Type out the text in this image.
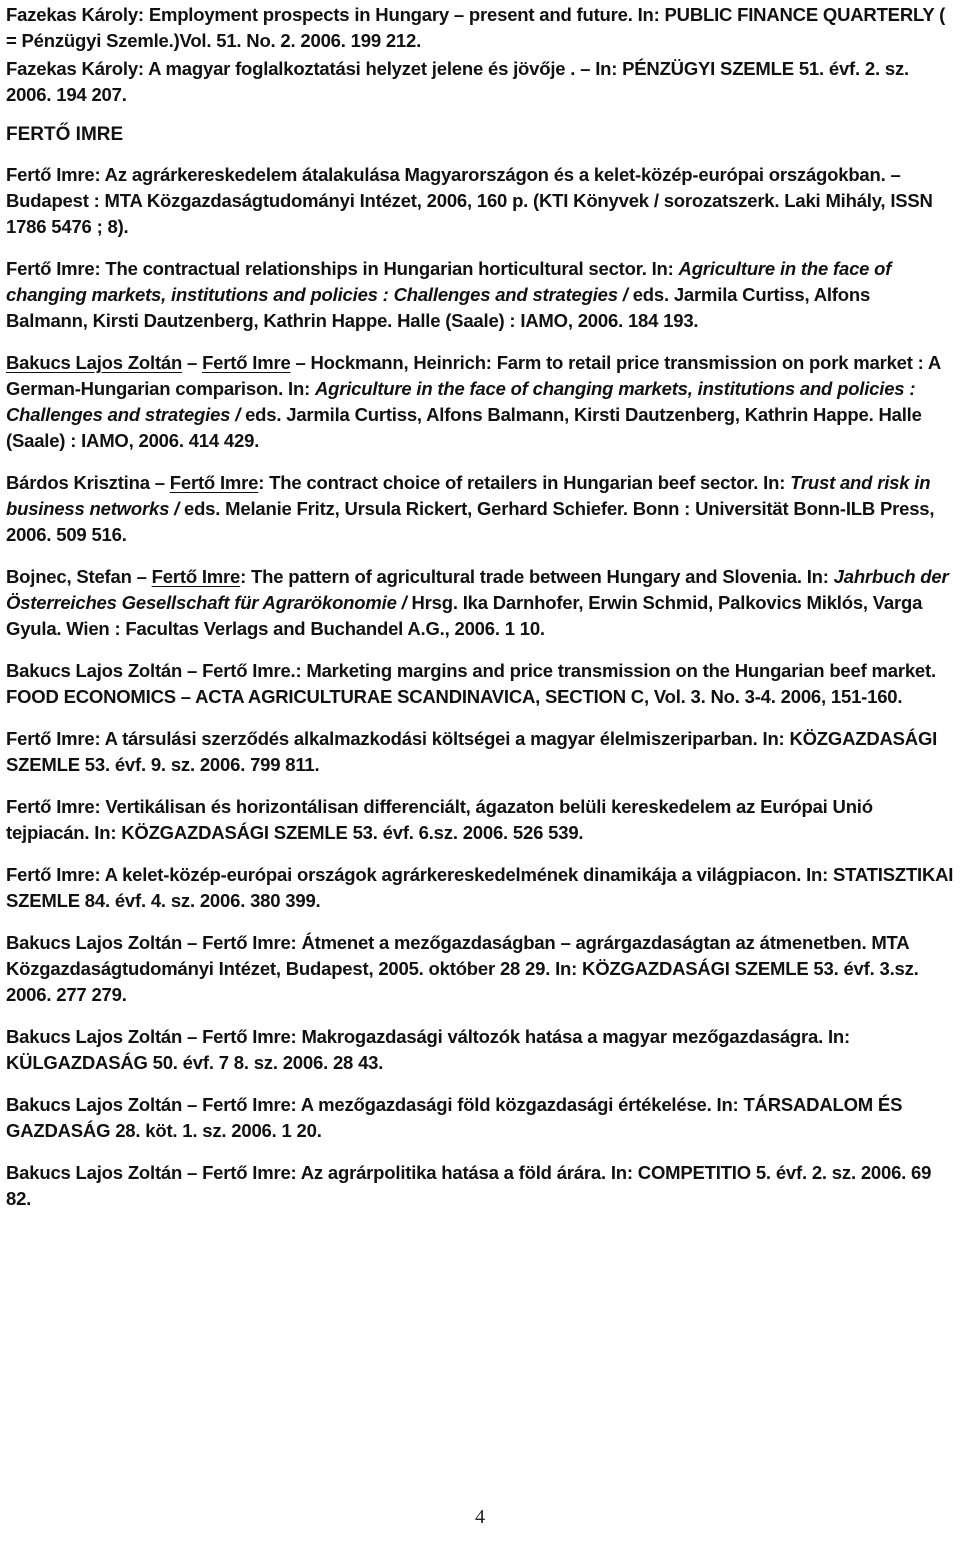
Fazekas Károly: Employment prospects in Hungary – present and future. In: PUBLIC FINANCE QUARTERLY ( = Pénzügyi Szemle.)Vol. 51. No. 2. 2006. 199 212.
Fazekas Károly: A magyar foglalkoztatási helyzet jelene és jövője . – In: PÉNZÜGYI SZEMLE 51. évf. 2. sz. 2006. 194 207.
FERTŐ IMRE
Fertő Imre: Az agrárkereskedelem átalakulása Magyarországon és a kelet-közép-európai országokban. – Budapest : MTA Közgazdaságtudományi Intézet, 2006, 160 p. (KTI Könyvek / sorozatszerk. Laki Mihály, ISSN 1786 5476 ; 8).
Fertő Imre: The contractual relationships in Hungarian horticultural sector. In: Agriculture in the face of changing markets, institutions and policies : Challenges and strategies / eds. Jarmila Curtiss, Alfons Balmann, Kirsti Dautzenberg, Kathrin Happe. Halle (Saale) : IAMO, 2006. 184 193.
Bakucs Lajos Zoltán – Fertő Imre – Hockmann, Heinrich: Farm to retail price transmission on pork market : A German-Hungarian comparison. In: Agriculture in the face of changing markets, institutions and policies : Challenges and strategies / eds. Jarmila Curtiss, Alfons Balmann, Kirsti Dautzenberg, Kathrin Happe. Halle (Saale) : IAMO, 2006. 414 429.
Bárdos Krisztina – Fertő Imre: The contract choice of retailers in Hungarian beef sector. In: Trust and risk in business networks / eds. Melanie Fritz, Ursula Rickert, Gerhard Schiefer. Bonn : Universität Bonn-ILB Press, 2006. 509 516.
Bojnec, Stefan – Fertő Imre: The pattern of agricultural trade between Hungary and Slovenia. In: Jahrbuch der Österreiches Gesellschaft für Agrarökonomie / Hrsg. Ika Darnhofer, Erwin Schmid, Palkovics Miklós, Varga Gyula. Wien : Facultas Verlags and Buchandel A.G., 2006. 1 10.
Bakucs Lajos Zoltán – Fertő Imre.: Marketing margins and price transmission on the Hungarian beef market. FOOD ECONOMICS – ACTA AGRICULTURAE SCANDINAVICA, SECTION C, Vol. 3. No. 3-4. 2006, 151-160.
Fertő Imre: A társulási szerződés alkalmazkodási költségei a magyar élelmiszeriparban. In: KÖZGAZDASÁGI SZEMLE 53. évf. 9. sz. 2006. 799 811.
Fertő Imre: Vertikálisan és horizontálisan differenciált, ágazaton belüli kereskedelem az Európai Unió tejpiacán. In: KÖZGAZDASÁGI SZEMLE 53. évf. 6.sz. 2006. 526 539.
Fertő Imre: A kelet-közép-európai országok agrárkereskedelmének dinamikája a világpiacon. In: STATISZTIKAI SZEMLE 84. évf. 4. sz. 2006. 380 399.
Bakucs Lajos Zoltán – Fertő Imre: Átmenet a mezőgazdaságban – agrárgazdaságtan az átmenetben. MTA Közgazdaságtudományi Intézet, Budapest, 2005. október 28 29. In: KÖZGAZDASÁGI SZEMLE 53. évf. 3.sz. 2006. 277 279.
Bakucs Lajos Zoltán – Fertő Imre: Makrogazdasági változók hatása a magyar mezőgazdaságra. In: KÜLGAZDASÁG 50. évf. 7 8. sz. 2006. 28 43.
Bakucs Lajos Zoltán – Fertő Imre: A mezőgazdasági föld közgazdasági értékelése. In: TÁRSADALOM ÉS GAZDASÁG 28. köt. 1. sz. 2006. 1 20.
Bakucs Lajos Zoltán – Fertő Imre: Az agrárpolitika hatása a föld árára. In: COMPETITIO 5. évf. 2. sz. 2006. 69 82.
4
